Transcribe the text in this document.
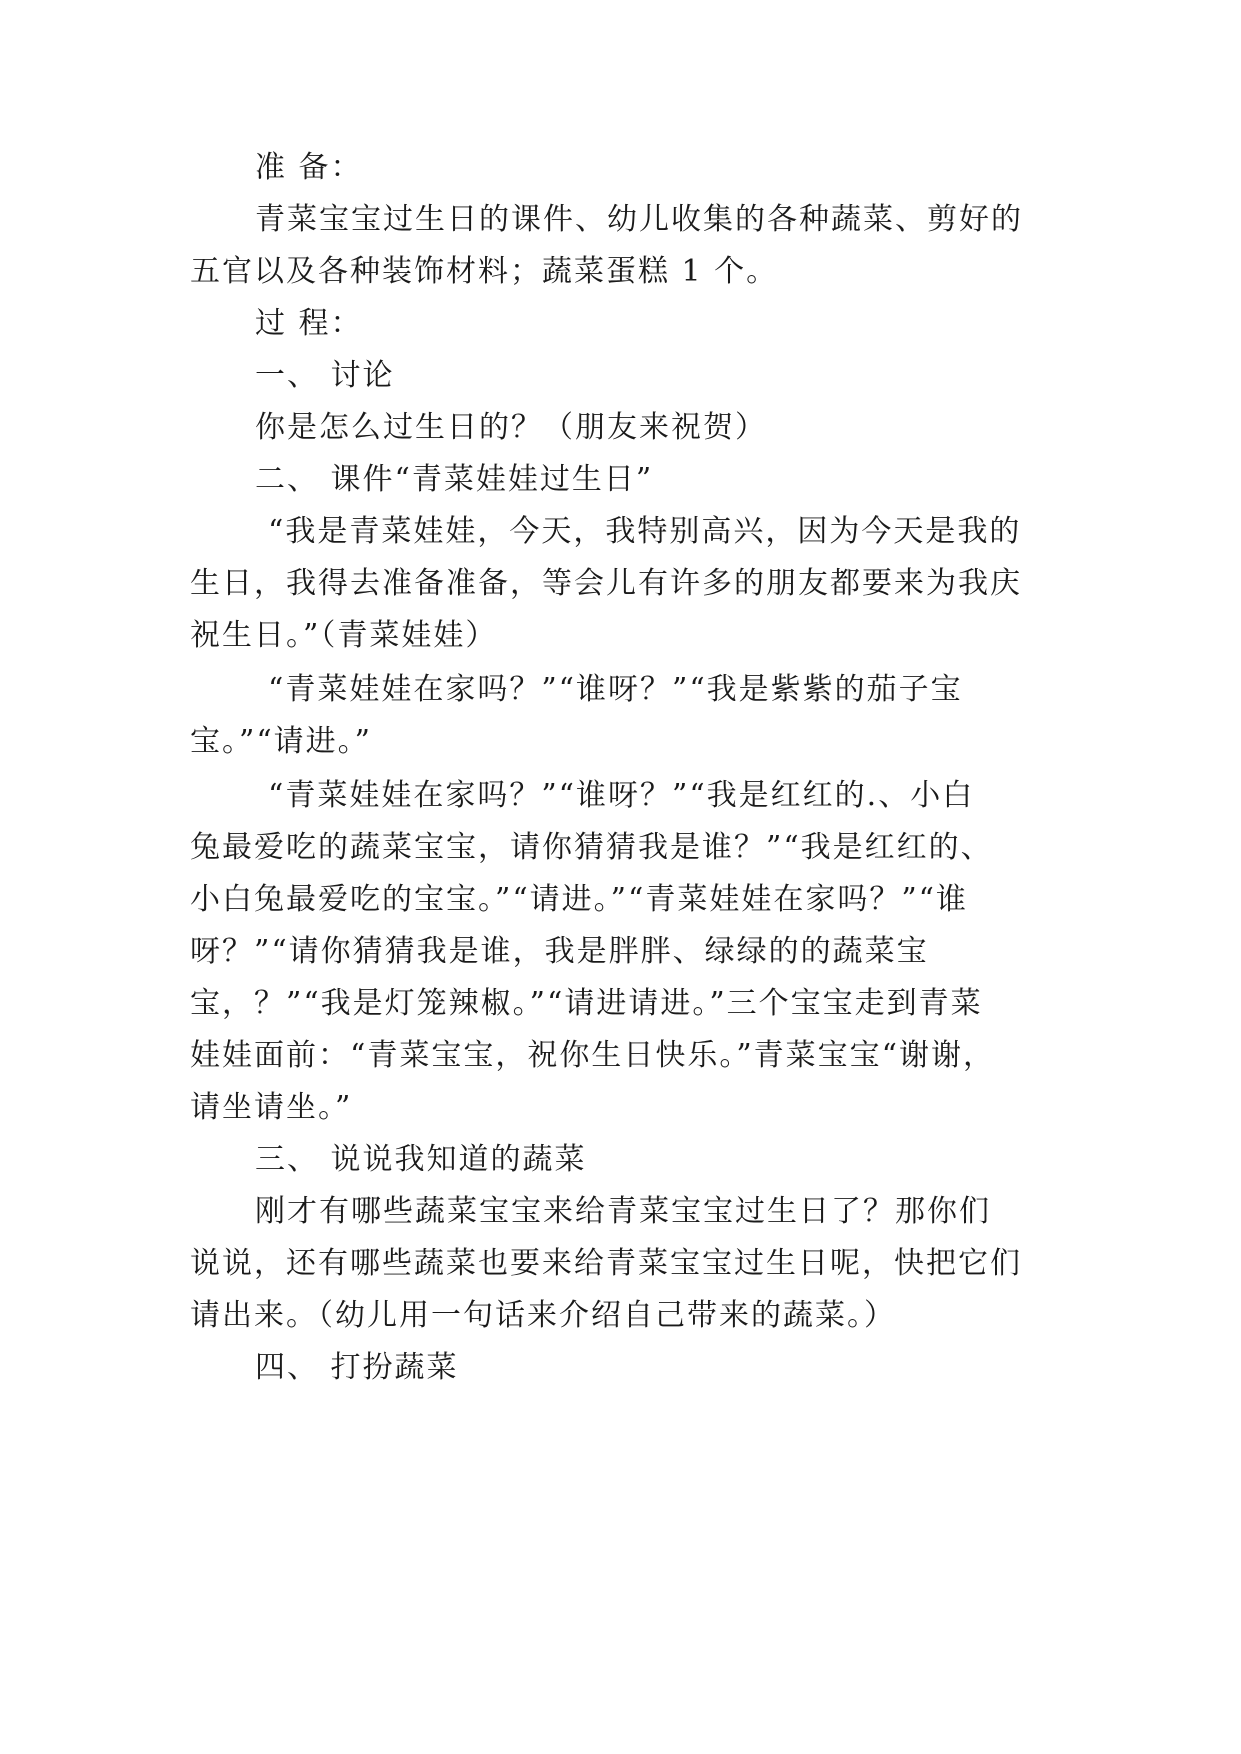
准 备：
青菜宝宝过生日的课件、幼儿收集的各种蔬菜、剪好的
五官以及各种装饰材料；蔬菜蛋糕 1 个。
过 程：
一、 讨论
你是怎么过生日的？（朋友来祝贺）
二、 课件“青菜娃娃过生日”
“我是青菜娃娃，今天，我特别高兴，因为今天是我的
生日，我得去准备准备，等会儿有许多的朋友都要来为我庆
祝生日。”（青菜娃娃）
“青菜娃娃在家吗？”“谁呀？”“我是紫紫的茄子宝
宝。”“请进。”
“青菜娃娃在家吗？”“谁呀？”“我是红红的.、小白
兔最爱吃的蔬菜宝宝，请你猜猜我是谁？”“我是红红的、
小白兔最爱吃的宝宝。”“请进。”“青菜娃娃在家吗？”“谁
呀？”“请你猜猜我是谁，我是胖胖、绿绿的的蔬菜宝
宝，？”“我是灯笼辣椒。”“请进请进。”三个宝宝走到青菜
娃娃面前：“青菜宝宝，祝你生日快乐。”青菜宝宝“谢谢，
请坐请坐。”
三、 说说我知道的蔬菜
刚才有哪些蔬菜宝宝来给青菜宝宝过生日了？那你们
说说，还有哪些蔬菜也要来给青菜宝宝过生日呢，快把它们
请出来。（幼儿用一句话来介绍自己带来的蔬菜。）
四、 打扮蔬菜
